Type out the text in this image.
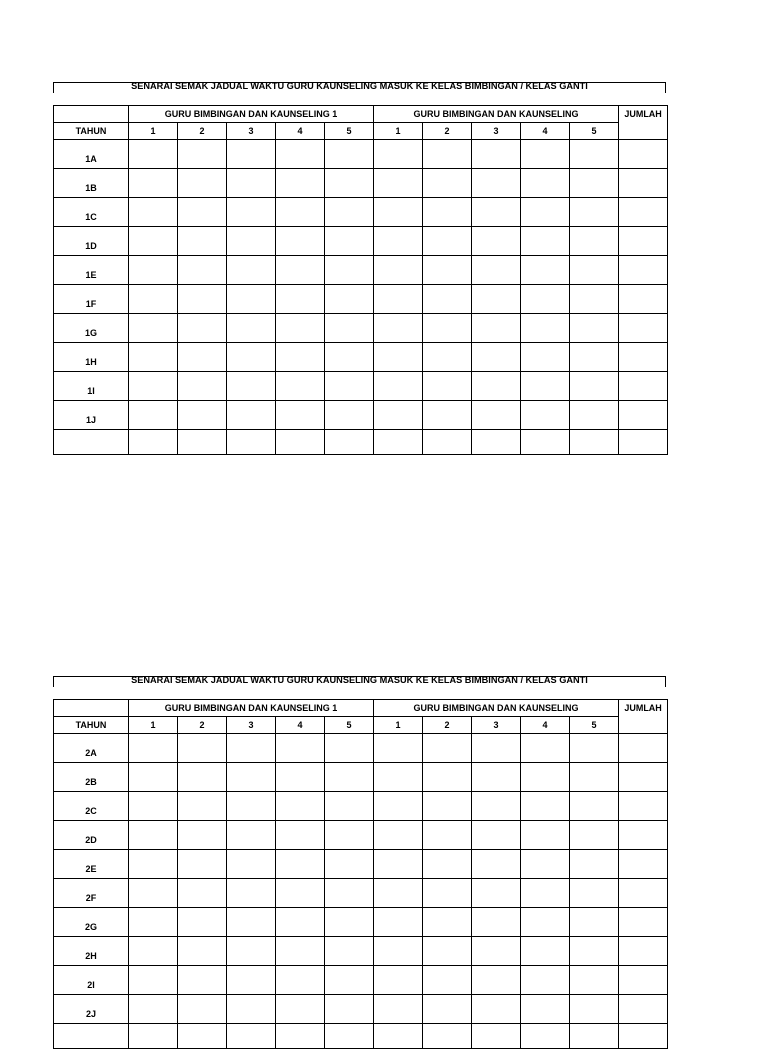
SENARAI SEMAK JADUAL WAKTU GURU KAUNSELING MASUK KE KELAS BIMBINGAN / KELAS GANTI
	GURU BIMBINGAN DAN KAUNSELING 1					GURU BIMBINGAN DAN KAUNSELING					JUMLAH
TAHUN	1	2	3	4	5	1	2	3	4	5	
1A											
1B											
1C											
1D											
1E											
1F											
1G											
1H											
1I											
1J											

SENARAI SEMAK JADUAL WAKTU GURU KAUNSELING MASUK KE KELAS BIMBINGAN / KELAS GANTI
	GURU BIMBINGAN DAN KAUNSELING 1					GURU BIMBINGAN DAN KAUNSELING					JUMLAH
TAHUN	1	2	3	4	5	1	2	3	4	5	
2A											
2B											
2C											
2D											
2E											
2F											
2G											
2H											
2I											
2J											
